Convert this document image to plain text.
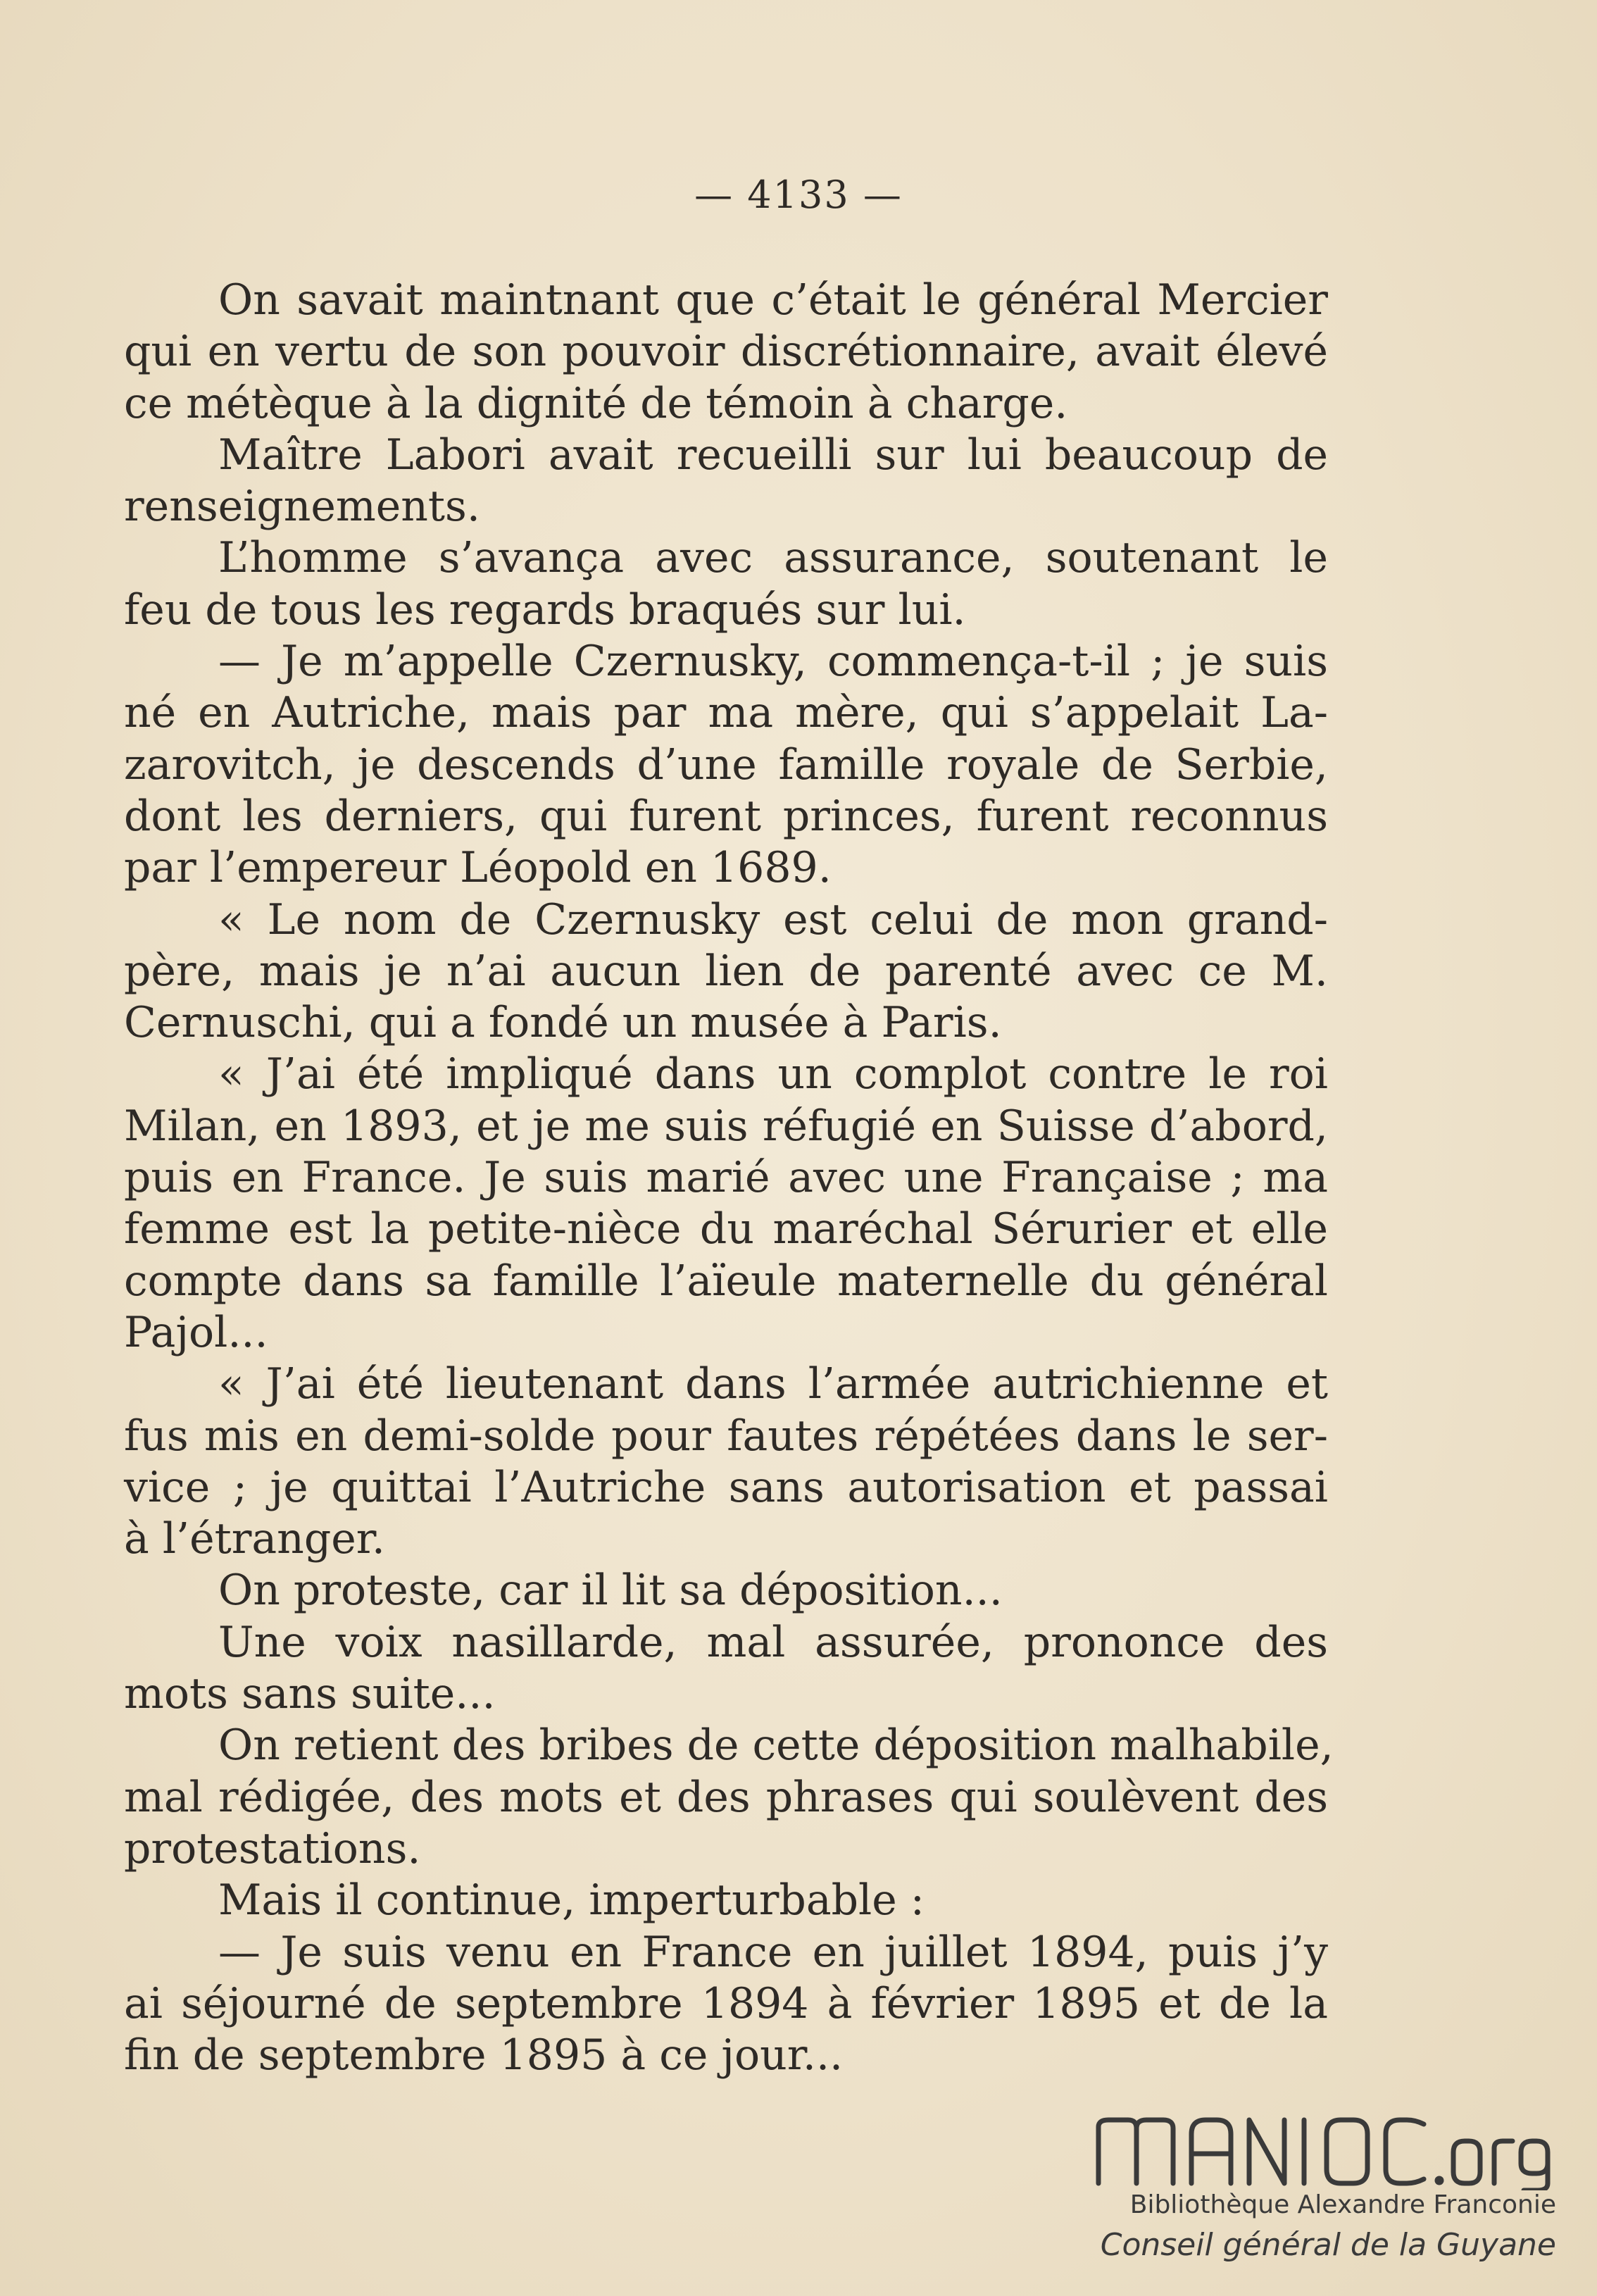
— 4133 —
On savait maintnant que c’était le général Mercier
qui en vertu de son pouvoir discrétionnaire, avait élevé
ce métèque à la dignité de témoin à charge.
Maître Labori avait recueilli sur lui beaucoup de
renseignements.
L’homme s’avança avec assurance, soutenant le
feu de tous les regards braqués sur lui.
— Je m’appelle Czernusky, commença-t-il ; je suis
né en Autriche, mais par ma mère, qui s’appelait La-
zarovitch, je descends d’une famille royale de Serbie,
dont les derniers, qui furent princes, furent reconnus
par l’empereur Léopold en 1689.
« Le nom de Czernusky est celui de mon grand-
père, mais je n’ai aucun lien de parenté avec ce M.
Cernuschi, qui a fondé un musée à Paris.
« J’ai été impliqué dans un complot contre le roi
Milan, en 1893, et je me suis réfugié en Suisse d’abord,
puis en France. Je suis marié avec une Française ; ma
femme est la petite-nièce du maréchal Sérurier et elle
compte dans sa famille l’aïeule maternelle du général
Pajol...
« J’ai été lieutenant dans l’armée autrichienne et
fus mis en demi-solde pour fautes répétées dans le ser-
vice ; je quittai l’Autriche sans autorisation et passai
à l’étranger.
On proteste, car il lit sa déposition...
Une voix nasillarde, mal assurée, prononce des
mots sans suite...
On retient des bribes de cette déposition malhabile,
mal rédigée, des mots et des phrases qui soulèvent des
protestations.
Mais il continue, imperturbable :
— Je suis venu en France en juillet 1894, puis j’y
ai séjourné de septembre 1894 à février 1895 et de la
fin de septembre 1895 à ce jour...
Bibliothèque Alexandre Franconie
Conseil général de la Guyane
